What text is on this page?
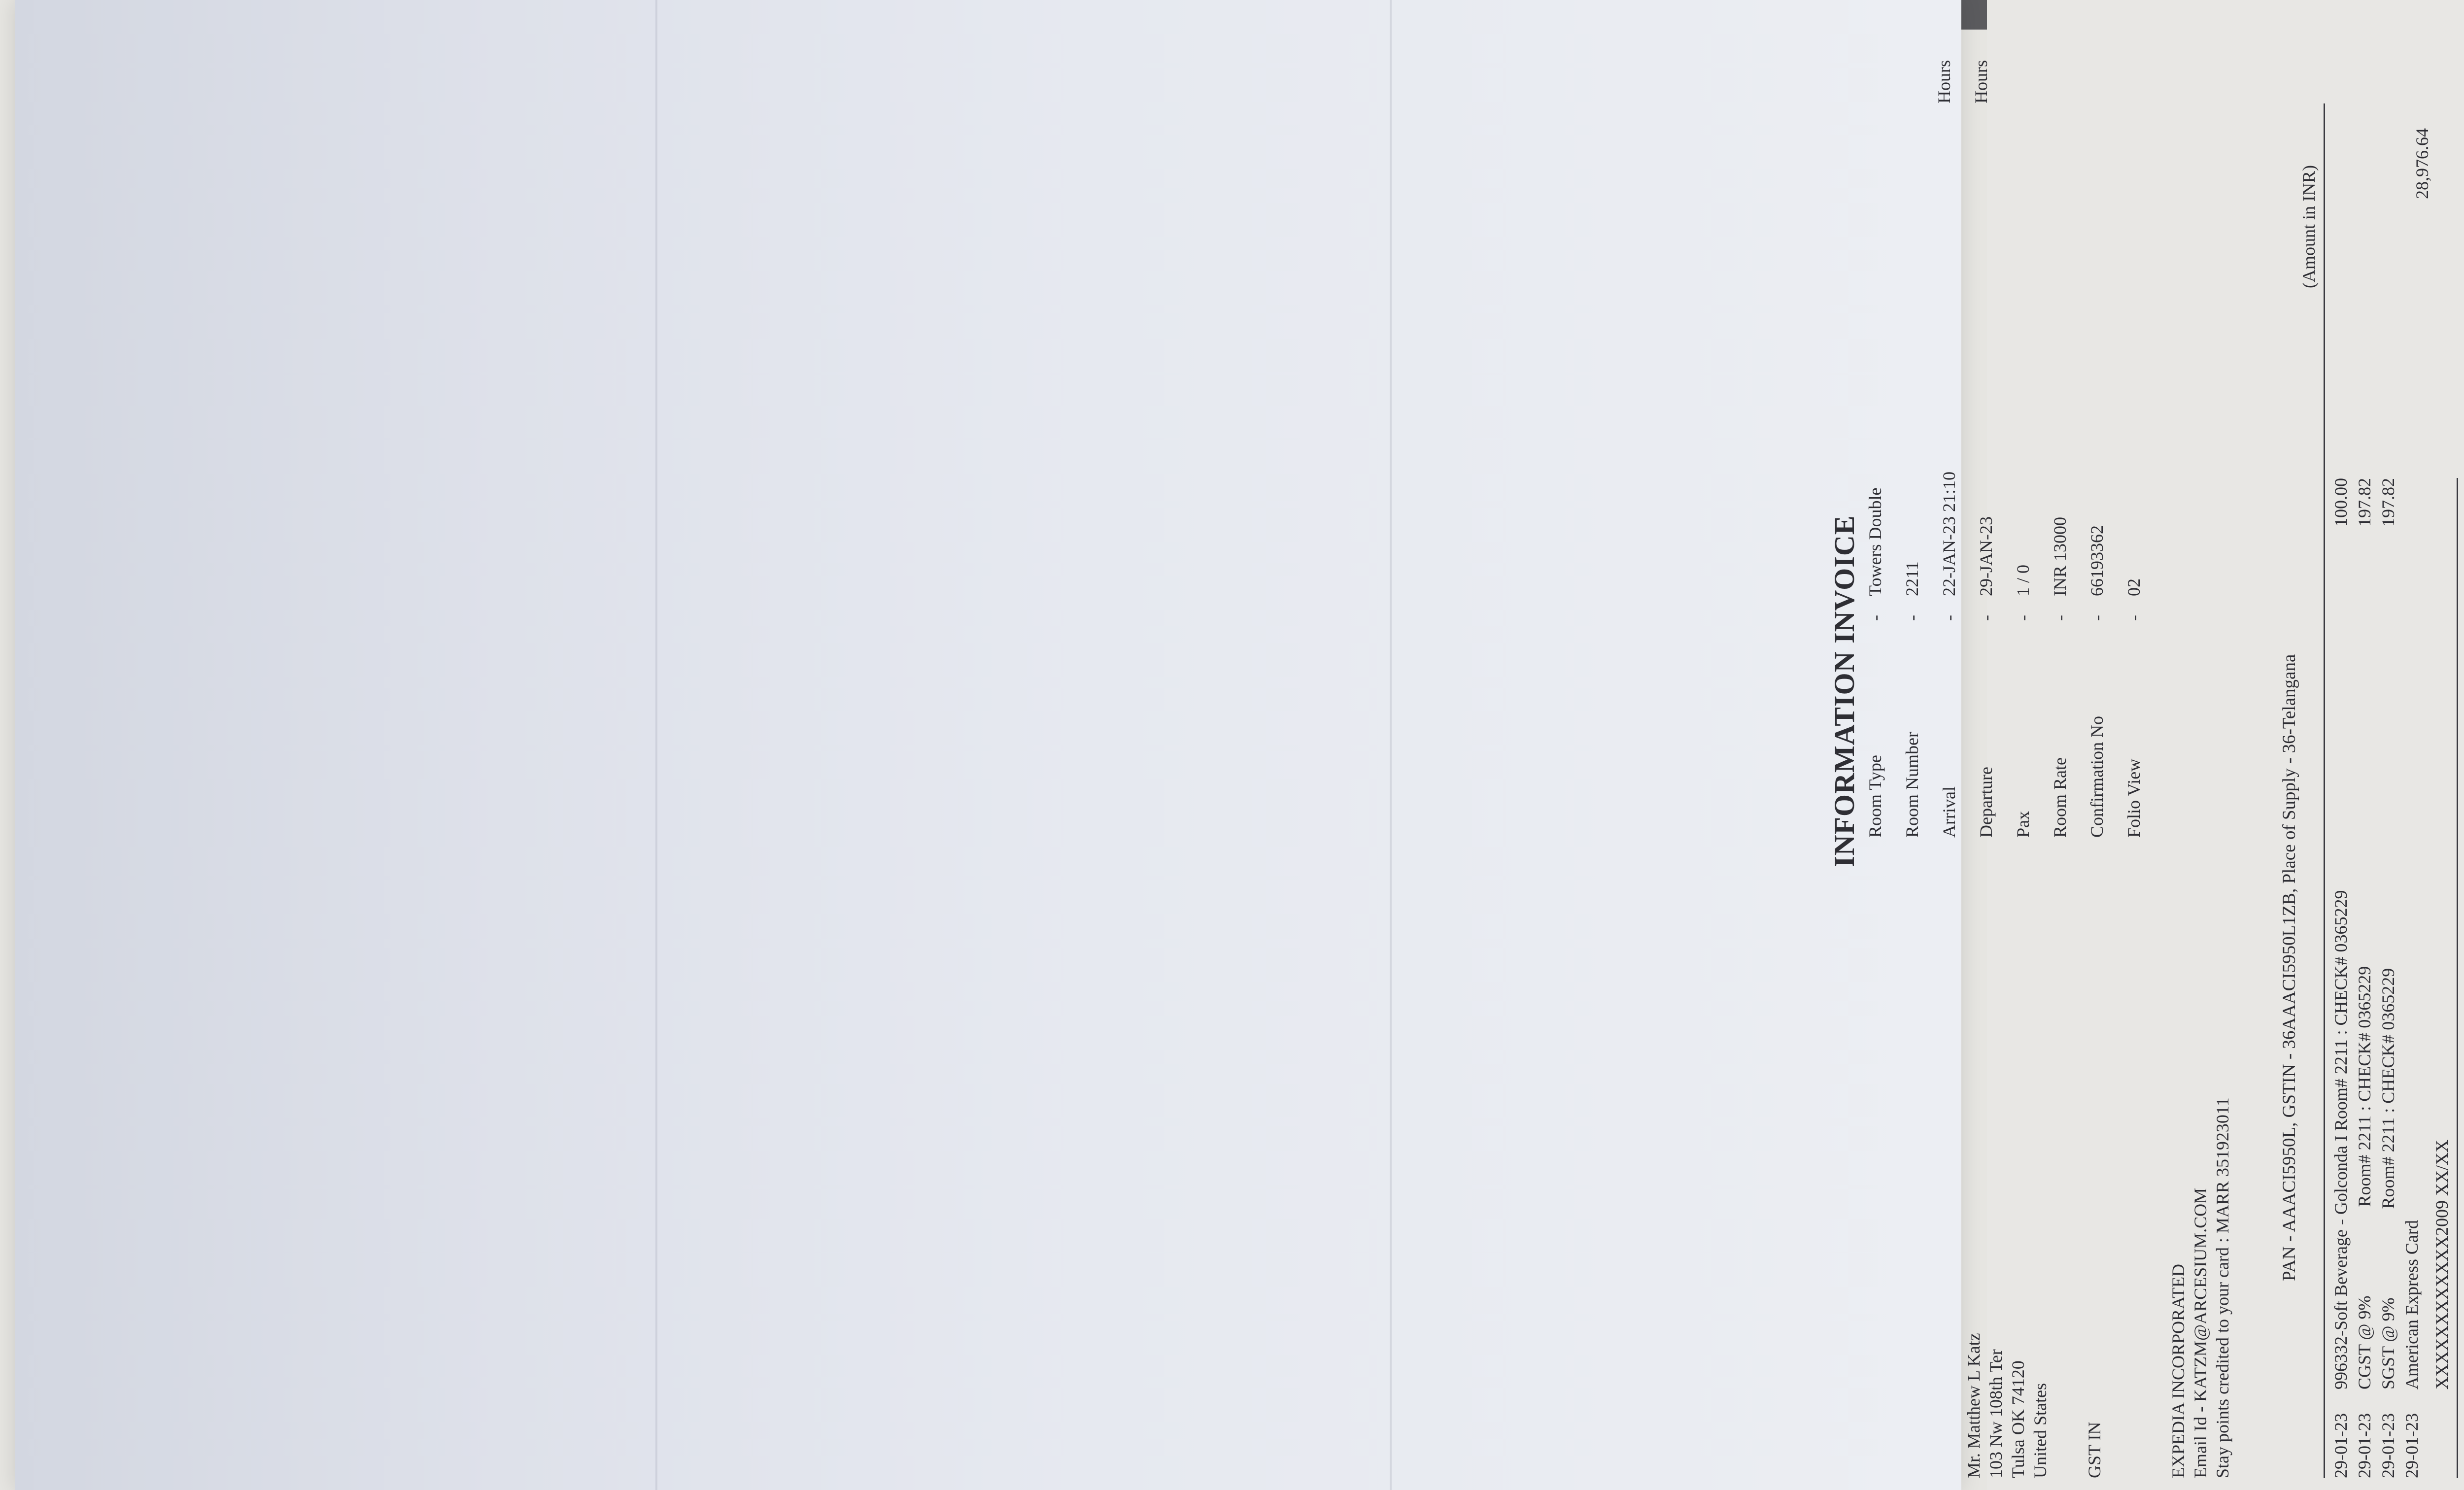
INFORMATION INVOICE Room Type
-
Towers Double
Room Number
-
2211
Arrival
-
22-JAN-23 21:10
Hours
Departure
-
29-JAN-23
Hours
Pax
-
1 / 0
Room Rate
-
INR 13000
Confirmation No
-
66193362
Folio View
-
02
Mr. Matthew L Katz 103 Nw 108th Ter Tulsa OK 74120 United States GST IN	EXPEDIA INCORPORATED Email Id - KATZM@ARCESIUM.COM Stay points credited to your card : MARR 351923011
PAN - AAACI5950L, GSTIN - 36AAACI5950L1ZB, Place of Supply - 36-Telangana
(Amount in INR)
29-01-23
996332-Soft Beverage - Golconda I Room# 2211 : CHECK# 0365229
100.00
29-01-23
CGST @ 9%                    Room# 2211 : CHECK# 0365229
197.82
29-01-23
SGST @ 9%                    Room# 2211 : CHECK# 0365229
197.82
29-01-23
American Express Card XXXXXXXXXXXX2009 XX/XX
28,976.64
